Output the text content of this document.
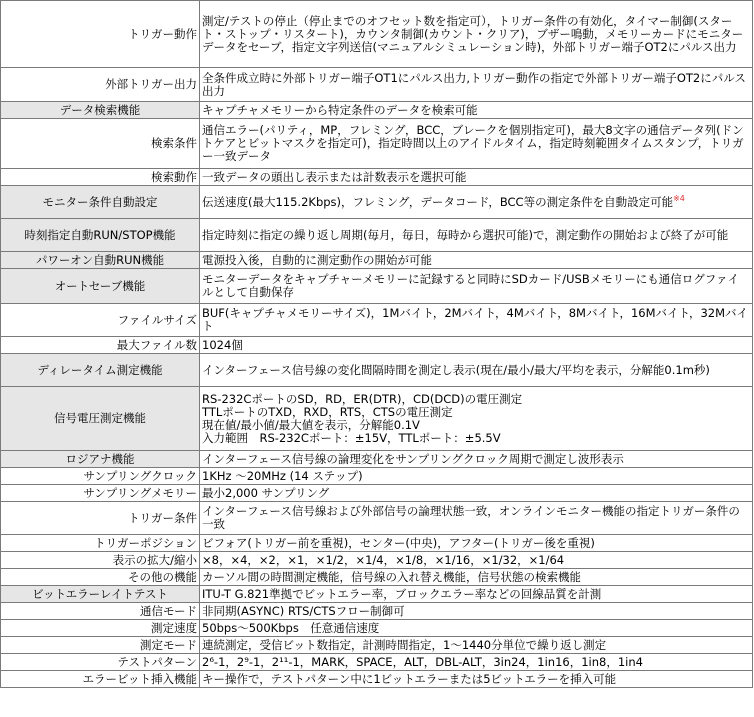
トリガー動作	測定/テストの停止（停止までのオフセット数を指定可），トリガー条件の有効化，タイマー制御(スタート・ストップ・リスタート)，カウンタ制御(カウント・クリア)，ブザー鳴動，メモリーカードにモニターデータをセーブ，指定文字列送信(マニュアルシミュレーション時)，外部トリガー端子OT2にパルス出力
外部トリガー出力	全条件成立時に外部トリガー端子OT1にパルス出力,トリガー動作の指定で外部トリガー端子OT2にパルス出力
データ検索機能	キャプチャメモリーから特定条件のデータを検索可能
検索条件	通信エラー(パリティ，MP，フレミング，BCC，ブレークを個別指定可)，最大8文字の通信データ列(ドントケアとビットマスクを指定可)，指定時間以上のアイドルタイム，指定時刻範囲タイムスタンプ，トリガー一致データ
検索動作	一致データの頭出し表示または計数表示を選択可能
モニター条件自動設定	伝送速度(最大115.2Kbps)，フレミング，データコード，BCC等の測定条件を自動設定可能$^{※4}$
時刻指定自動RUN/STOP機能	指定時刻に指定の繰り返し周期(毎月，毎日，毎時から選択可能)で，測定動作の開始および終了が可能
パワーオン自動RUN機能	電源投入後，自動的に測定動作の開始が可能
オートセーブ機能	モニターデータをキャプチャーメモリーに記録すると同時にSDカード/USBメモリーにも通信ログファイルとして自動保存
ファイルサイズ	BUF(キャプチャメモリーサイズ)，1Mバイト，2Mバイト，4Mバイト，8Mバイト，16Mバイト，32Mバイト
最大ファイル数	1024個
ディレータイム測定機能	インターフェース信号線の変化間隔時間を測定し表示(現在/最小/最大/平均を表示，分解能0.1m秒)
信号電圧測定機能	RS-232CポートのSD，RD，ER(DTR)，CD(DCD)の電圧測定
TTLポートのTXD，RXD，RTS，CTSの電圧測定
現在値/最小値/最大値を表示，分解能0.1V
入力範囲　RS-232Cポート：±15V，TTLポート：±5.5V
ロジアナ機能	インターフェース信号線の論理変化をサンプリングクロック周期で測定し波形表示
サンプリングクロック	1KHz ～20MHz (14 ステップ)
サンプリングメモリー	最小2,000 サンプリング
トリガー条件	インターフェース信号線および外部信号の論理状態一致，オンラインモニター機能の指定トリガー条件の一致
トリガーポジション	ビフォア(トリガー前を重視)，センター(中央)，アフター(トリガー後を重視)
表示の拡大/縮小	×8，×4，×2，×1，×1/2，×1/4，×1/8，×1/16，×1/32，×1/64
その他の機能	カーソル間の時間測定機能，信号線の入れ替え機能，信号状態の検索機能
ビットエラーレイトテスト	ITU-T G.821準拠でビットエラー率，ブロックエラー率などの回線品質を計測
通信モード	非同期(ASYNC) RTS/CTSフロー制御可
測定速度	50bps～500Kbps　任意通信速度
測定モード	連続測定，受信ビット数指定，計測時間指定，1～1440分単位で繰り返し測定
テストパターン	2⁶-1，2⁹-1，2¹¹-1，MARK，SPACE，ALT，DBL-ALT，3in24，1in16，1in8，1in4
エラービット挿入機能	キー操作で，テストパターン中に1ビットエラーまたは5ビットエラーを挿入可能
